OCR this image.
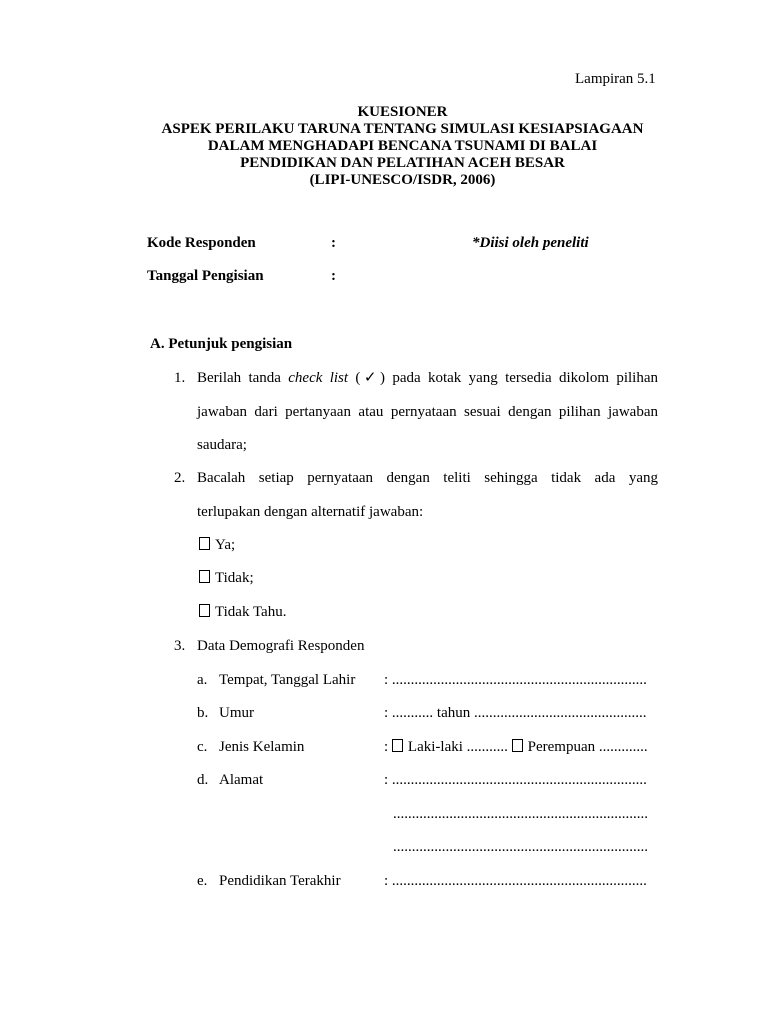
Lampiran 5.1
KUESIONER
ASPEK PERILAKU TARUNA TENTANG SIMULASI KESIAPSIAGAAN
DALAM MENGHADAPI BENCANA TSUNAMI DI BALAI
PENDIDIKAN DAN PELATIHAN ACEH BESAR
(LIPI-UNESCO/ISDR, 2006)
Kode Responden	:	*Diisi oleh peneliti
Tanggal Pengisian	:
A. Petunjuk pengisian
1. Berilah tanda check list (✓) pada kotak yang tersedia dikolom pilihan
jawaban dari pertanyaan atau pernyataan sesuai dengan pilihan jawaban
saudara;
2. Bacalah setiap pernyataan dengan teliti sehingga tidak ada yang
terlupakan dengan alternatif jawaban:
Ya;
Tidak;
Tidak Tahu.
3. Data Demografi Responden
a. Tempat, Tanggal Lahir : ....................................................................
b. Umur	: ........... tahun ..............................................
c. Jenis Kelamin	: Laki-laki ........... Perempuan .............
d. Alamat	: ....................................................................
....................................................................
....................................................................
e. Pendidikan Terakhir	: ....................................................................
